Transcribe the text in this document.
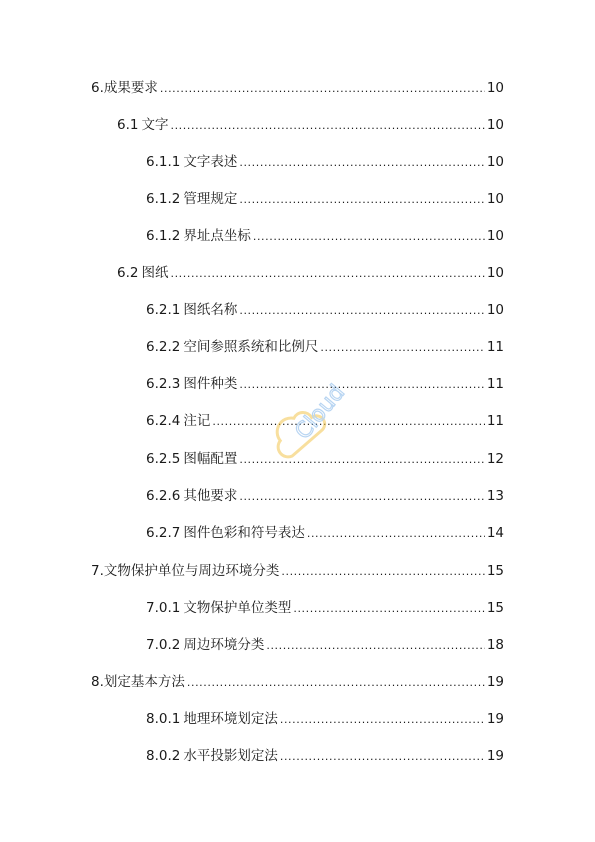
6. 成果要求 .....	10
6.1 文字 .....	10
6.1.1 文字表述 .....	10
6.1.2 管理规定 .....	10
6.1.2 界址点坐标 .....	10
6.2 图纸 .....	10
6.2.1 图纸名称 .....	10
6.2.2 空间参照系统和比例尺 .....	11
6.2.3 图件种类 .....	11
6.2.4 注记 .....	11
6.2.5 图幅配置 .....	12
6.2.6 其他要求 .....	13
6.2.7 图件色彩和符号表达 .....	14
7. 文物保护单位与周边环境分类 .....	15
7.0.1 文物保护单位类型 .....	15
7.0.2 周边环境分类 .....	18
8. 划定基本方法 .....	19
8.0.1 地理环境划定法 .....	19
8.0.2 水平投影划定法 .....	19
Cloud
